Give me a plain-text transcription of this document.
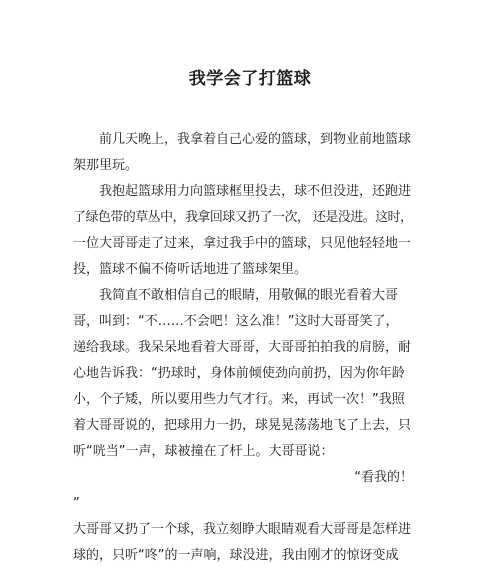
我学会了打篮球
前几天晚上，我拿着自己心爱的篮球，到物业前地篮球
架那里玩。
我抱起篮球用力向篮球框里投去，球不但没进，还跑进
了绿色带的草丛中，我拿回球又扔了一次， 还是没进。这时，
一位大哥哥走了过来，拿过我手中的篮球，只见他轻轻地一
投，篮球不偏不倚听话地进了篮球架里。
我简直不敢相信自己的眼睛，用敬佩的眼光看着大哥
哥，叫到：“不……不会吧！这么准！”这时大哥哥笑了，
递给我球。我呆呆地看着大哥哥，大哥哥拍拍我的肩膀，耐
心地告诉我：“扔球时，身体前倾使劲向前扔，因为你年龄
小，个子矮，所以要用些力气才行。来，再试一次！”我照
着大哥哥说的，把球用力一扔，球晃晃荡荡地飞了上去，只
听“咣当”一声，球被撞在了杆上。大哥哥说：
“看我的！
”
大哥哥又扔了一个球，我立刻睁大眼睛观看大哥哥是怎样进
球的，只听“咚”的一声响，球没进，我由刚才的惊讶变成
